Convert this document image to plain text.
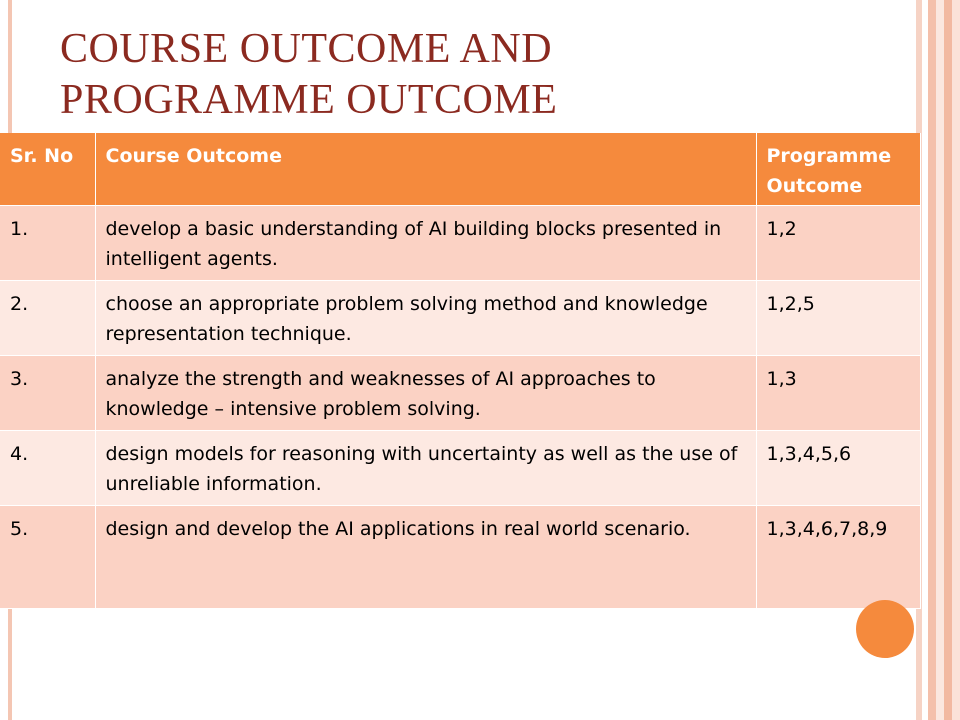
COURSE OUTCOME AND
PROGRAMME OUTCOME
Sr. No	Course Outcome	Programme Outcome
1.	develop a basic understanding of AI building blocks presented in intelligent agents.	1,2
2.	choose an appropriate problem solving method and knowledge representation technique.	1,2,5
3.	analyze the strength and weaknesses of AI approaches to knowledge – intensive problem solving.	1,3
4.	design models for reasoning with uncertainty as well as the use of unreliable information.	1,3,4,5,6
5.	design and develop the AI applications in real world scenario.	1,3,4,6,7,8,9
